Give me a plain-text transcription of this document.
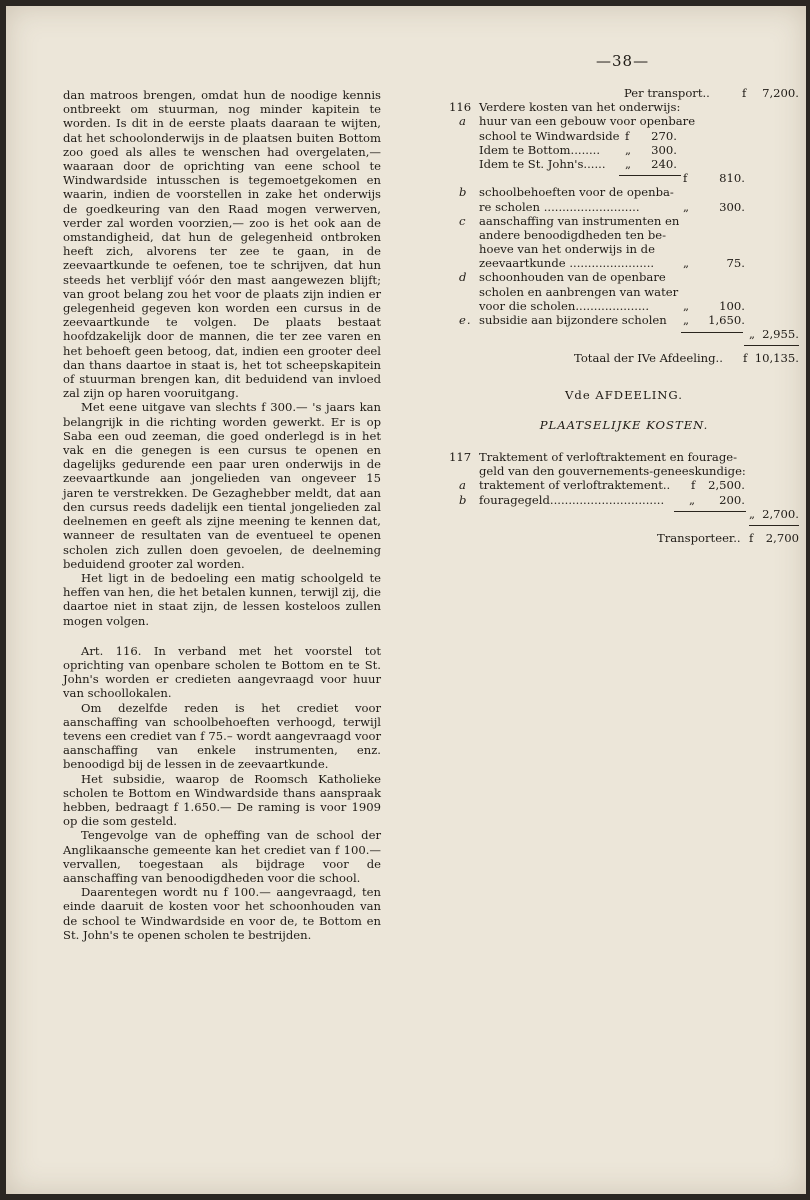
—38—

dan matroos brengen, omdat hun de noodige kennis ontbreekt om stuurman, nog minder kapitein te worden. Is dit in de eerste plaats daaraan te wijten, dat het schoolonderwijs in de plaatsen buiten Bottom zoo goed als alles te wenschen had overgelaten,— waaraan door de oprichting van eene school te Windwardside intusschen is tegemoetgekomen en waarin, indien de voorstellen in zake het onderwijs de goedkeuring van den Raad mogen verwerven, verder zal worden voorzien,— zoo is het ook aan de omstandigheid, dat hun de gelegenheid ontbroken heeft zich, alvorens ter zee te gaan, in de zeevaartkunde te oefenen, toe te schrijven, dat hun steeds het verblijf vóór den mast aangewezen blijft; van groot belang zou het voor de plaats zijn indien er gelegenheid gegeven kon worden een cursus in de zeevaartkunde te volgen. De plaats bestaat hoofdzakelijk door de mannen, die ter zee varen en het behoeft geen betoog, dat, indien een grooter deel dan thans daartoe in staat is, het tot scheepskapitein of stuurman brengen kan, dit beduidend van invloed zal zijn op haren vooruitgang.

Met eene uitgave van slechts f 300.— 's jaars kan belangrijk in die richting worden gewerkt. Er is op Saba een oud zeeman, die goed onderlegd is in het vak en die genegen is een cursus te openen en dagelijks gedurende een paar uren onderwijs in de zeevaartkunde aan jongelieden van ongeveer 15 jaren te verstrekken. De Gezaghebber meldt, dat aan den cursus reeds dadelijk een tiental jongelieden zal deelnemen en geeft als zijne meening te kennen dat, wanneer de resultaten van de eventueel te openen scholen zich zullen doen gevoelen, de deelneming beduidend grooter zal worden.

Het ligt in de bedoeling een matig schoolgeld te heffen van hen, die het betalen kunnen, terwijl zij, die daartoe niet in staat zijn, de lessen kosteloos zullen mogen volgen.

Art. 116. In verband met het voorstel tot oprichting van openbare scholen te Bottom en te St. John's worden er credieten aangevraagd voor huur van schoollokalen.

Om dezelfde reden is het crediet voor aanschaffing van schoolbehoeften verhoogd, terwijl tevens een crediet van f 75.– wordt aangevraagd voor aanschaffing van enkele instrumenten, enz. benoodigd bij de lessen in de zeevaartkunde.

Het subsidie, waarop de Roomsch Katholieke scholen te Bottom en Windwardside thans aanspraak hebben, bedraagt f 1.650.— De raming is voor 1909 op die som gesteld.

Tengevolge van de opheffing van de school der Anglikaansche gemeente kan het crediet van f 100.— vervallen, toegestaan als bijdrage voor de aanschaffing van benoodigdheden voor die school.

Daarentegen wordt nu f 100.— aangevraagd, ten einde daaruit de kosten voor het schoonhouden van de school te Windwardside en voor de, te Bottom en St. John's te openen scholen te bestrijden.

Per transport..	f	7,200.
116 Verdere kosten van het onderwijs:
a huur van een gebouw voor openbare
school te Windwardside f	270.
Idem te Bottom........ „	300.
Idem te St. John's...... „	240.
f	810.
b schoolbehoeften voor de openba-
re scholen ..........................	„	300.
c aanschaffing van instrumenten en
andere benoodigdheden ten be-
hoeve van het onderwijs in de
zeevaartkunde ....................... „	75.
d schoonhouden van de openbare
scholen en aanbrengen van water
voor die scholen....................	„	100.
e. subsidie aan bijzondere scholen „	1,650.
„ 2,955.
Totaal der IVe Afdeeling.. f 10,135.
Vde AFDEELING.
PLAATSELIJKE KOSTEN.
117 Traktement of verloftraktement en fourage-
geld van den gouvernements-geneeskundige:
a traktement of verloftraktement.. f	2,500.
b fouragegeld............................... „	200.
„ 2,700.
Transporteer.. f	2,700
